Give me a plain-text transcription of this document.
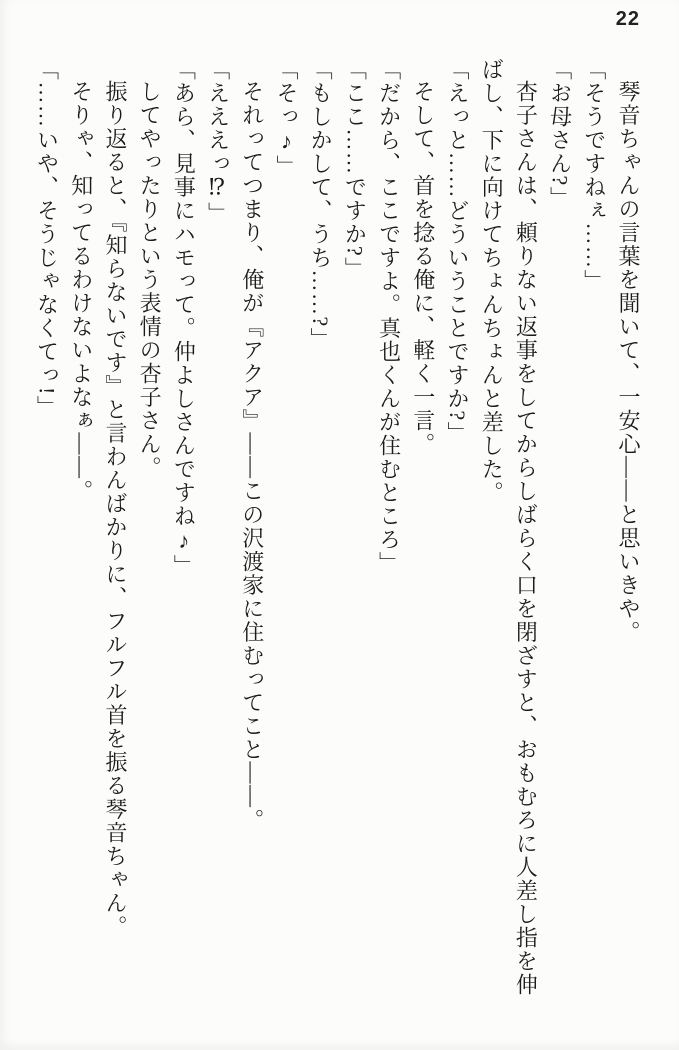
22

琴音ちゃんの言葉を聞いて、一安心――と思いきや。

「そうですねぇ……」

「お母さん?」

杏子さんは、頼りない返事をしてからしばらく口を閉ざすと、おもむろに人差し指を伸ばし、下に向けてちょんちょんと差した。

「えっと……どういうことですか?」

そして、首を捻る俺に、軽く一言。

「だから、ここですよ。真也くんが住むところ」

「ここ……ですか?」

「もしかして、うち……?」

「そっ♪」

それってつまり、俺が『アクア』――この沢渡家に住むってこと――。

「えええっ⁉」

「あら、見事にハモって。仲よしさんですね♪」

してやったりという表情の杏子さん。

振り返ると、『知らないです』と言わんばかりに、フルフル首を振る琴音ちゃん。

そりゃ、知ってるわけないよなぁ――。

「……いや、そうじゃなくてっ!」
